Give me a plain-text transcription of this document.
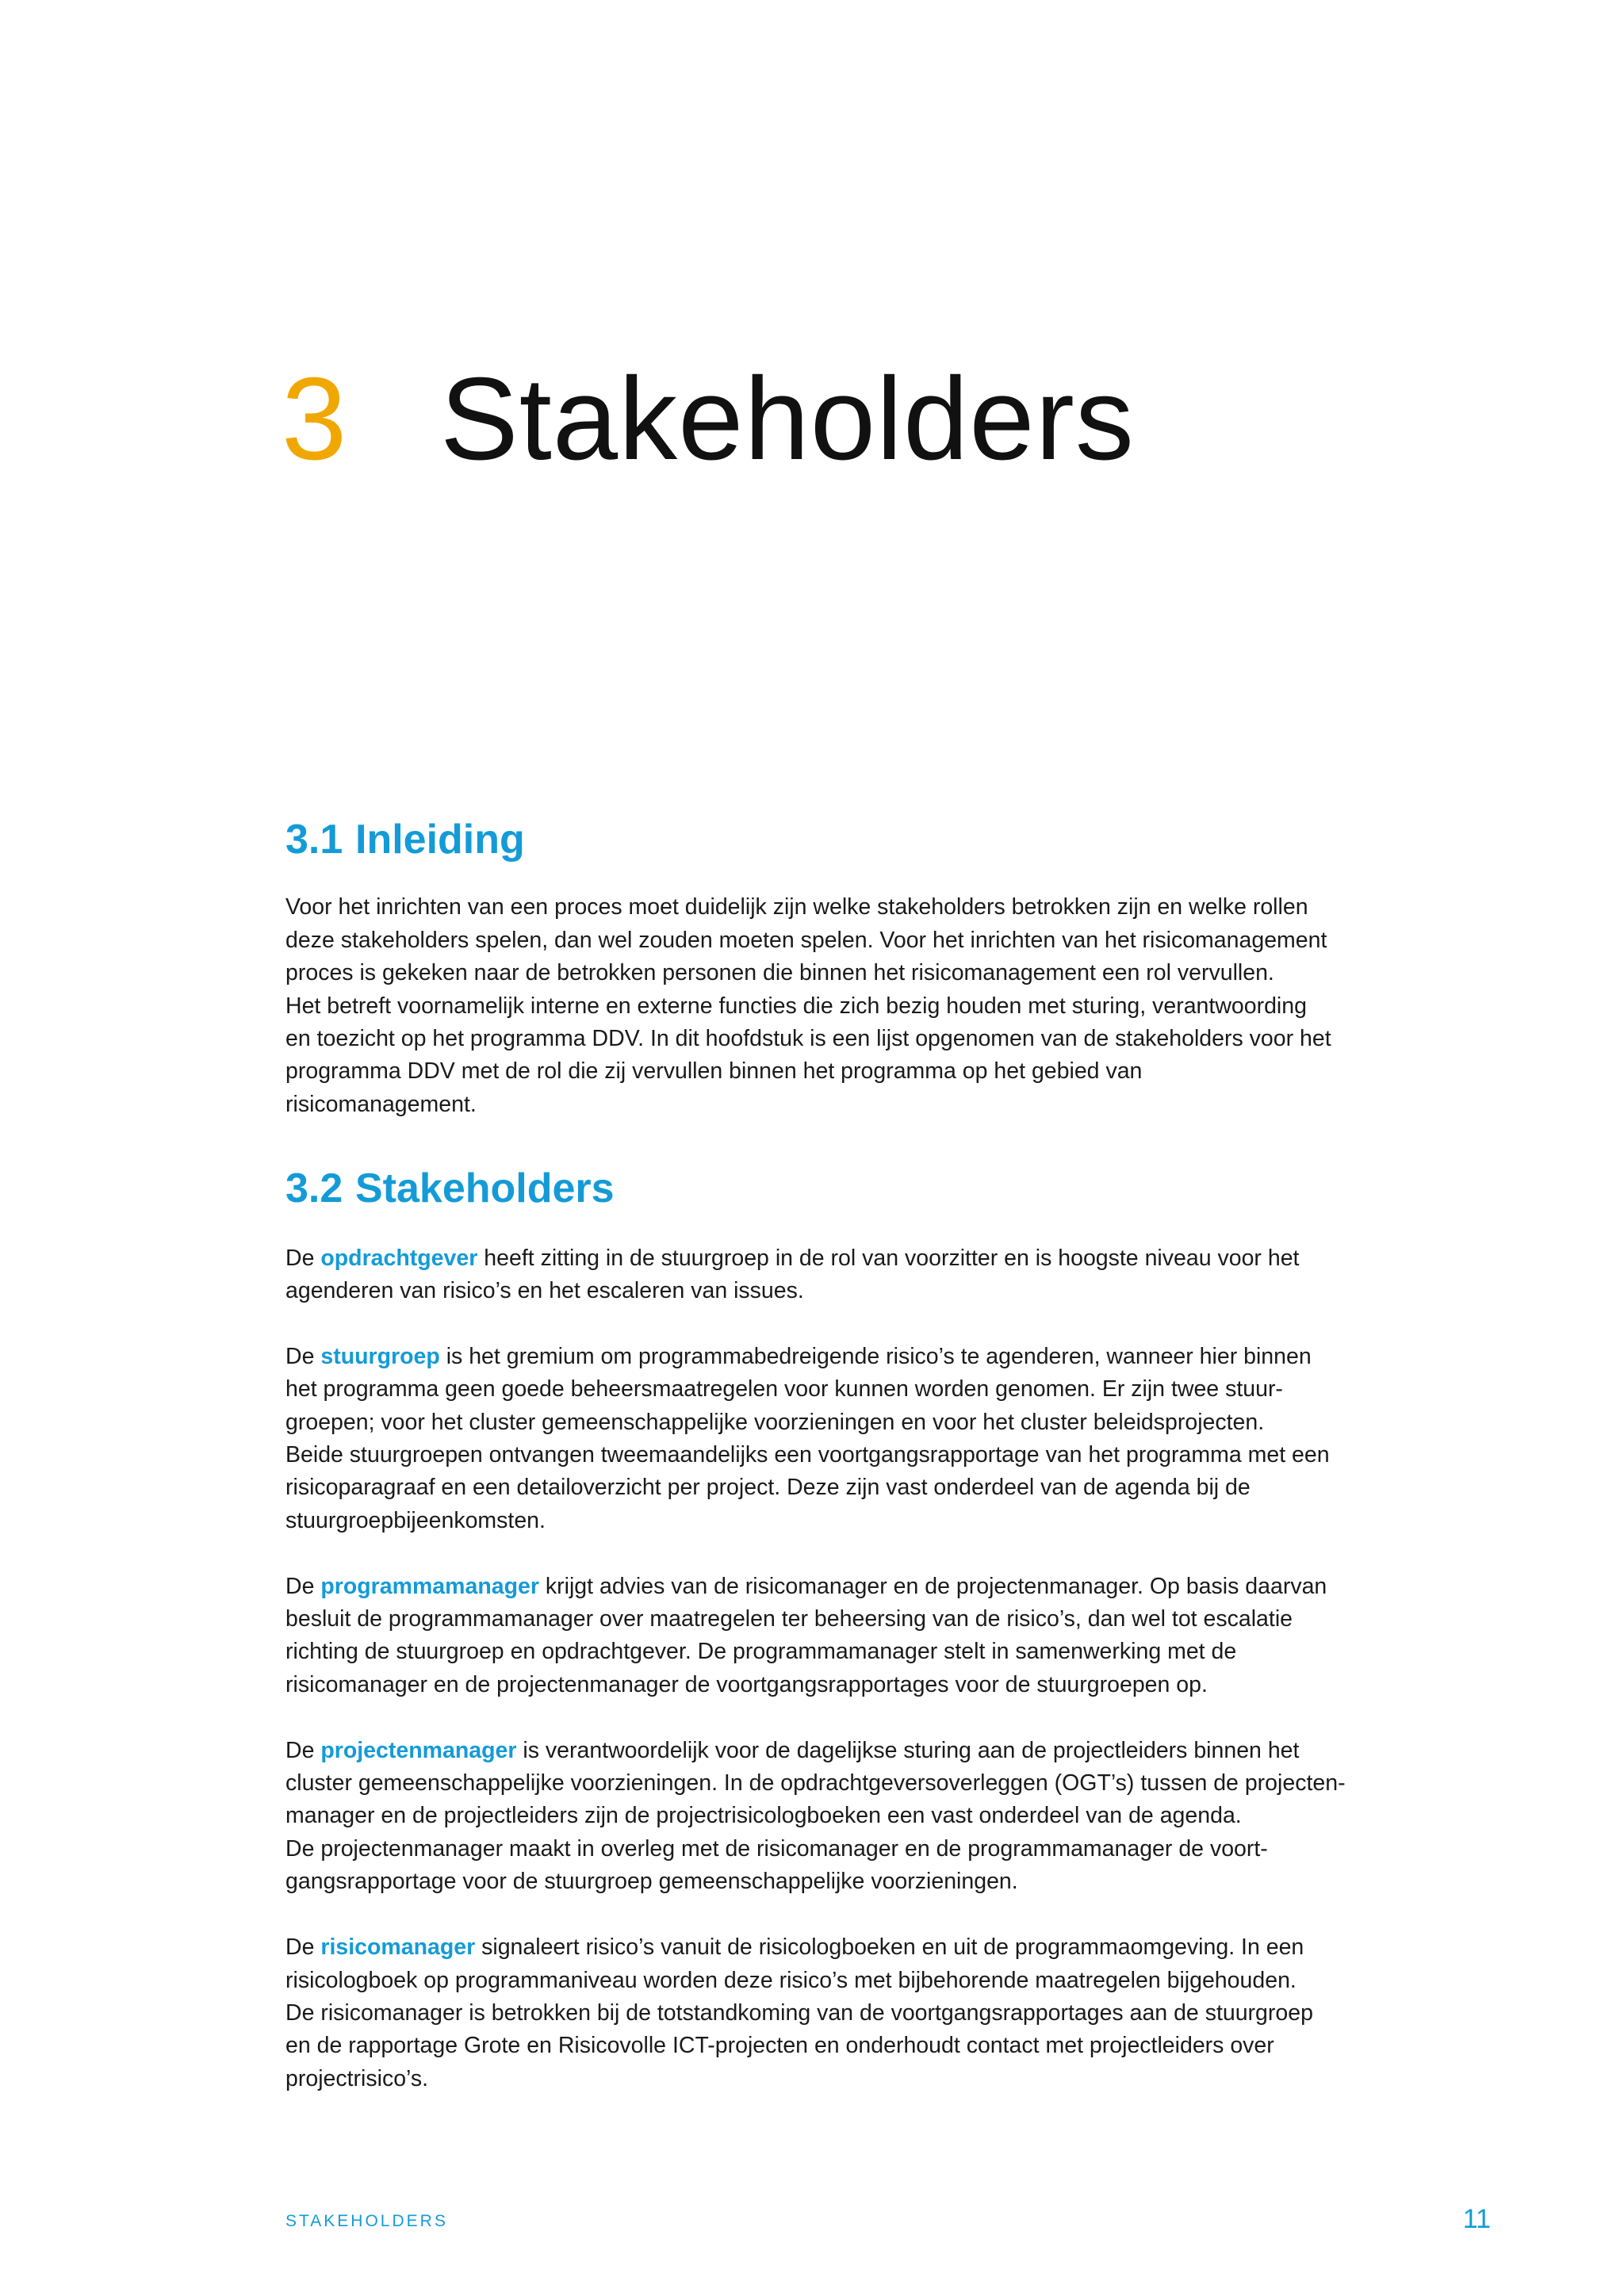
3 Stakeholders
3.1 Inleiding

Voor het inrichten van een proces moet duidelijk zijn welke stakeholders betrokken zijn en welke rollen
deze stakeholders spelen, dan wel zouden moeten spelen. Voor het inrichten van het risicomanagement
proces is gekeken naar de betrokken personen die binnen het risicomanagement een rol vervullen.
Het betreft voornamelijk interne en externe functies die zich bezig houden met sturing, verantwoording
en toezicht op het programma DDV. In dit hoofdstuk is een lijst opgenomen van de stakeholders voor het
programma DDV met de rol die zij vervullen binnen het programma op het gebied van
risicomanagement.

3.2 Stakeholders

De opdrachtgever heeft zitting in de stuurgroep in de rol van voorzitter en is hoogste niveau voor het
agenderen van risico’s en het escaleren van issues.

De stuurgroep is het gremium om programmabedreigende risico’s te agenderen, wanneer hier binnen
het programma geen goede beheersmaatregelen voor kunnen worden genomen. Er zijn twee stuur-
groepen; voor het cluster gemeenschappelijke voorzieningen en voor het cluster beleidsprojecten.
Beide stuurgroepen ontvangen tweemaandelijks een voortgangsrapportage van het programma met een
risicoparagraaf en een detailoverzicht per project. Deze zijn vast onderdeel van de agenda bij de
stuurgroepbijeenkomsten.

De programmamanager krijgt advies van de risicomanager en de projectenmanager. Op basis daarvan
besluit de programmamanager over maatregelen ter beheersing van de risico’s, dan wel tot escalatie
richting de stuurgroep en opdrachtgever. De programmamanager stelt in samenwerking met de
risicomanager en de projectenmanager de voortgangsrapportages voor de stuurgroepen op.

De projectenmanager is verantwoordelijk voor de dagelijkse sturing aan de projectleiders binnen het
cluster gemeenschappelijke voorzieningen. In de opdrachtgeversoverleggen (OGT’s) tussen de projecten-
manager en de projectleiders zijn de projectrisicologboeken een vast onderdeel van de agenda.
De projectenmanager maakt in overleg met de risicomanager en de programmamanager de voort-
gangsrapportage voor de stuurgroep gemeenschappelijke voorzieningen.

De risicomanager signaleert risico’s vanuit de risicologboeken en uit de programmaomgeving. In een
risicologboek op programmaniveau worden deze risico’s met bijbehorende maatregelen bijgehouden.
De risicomanager is betrokken bij de totstandkoming van de voortgangsrapportages aan de stuurgroep
en de rapportage Grote en Risicovolle ICT-projecten en onderhoudt contact met projectleiders over
projectrisico’s.

STAKEHOLDERS	11
